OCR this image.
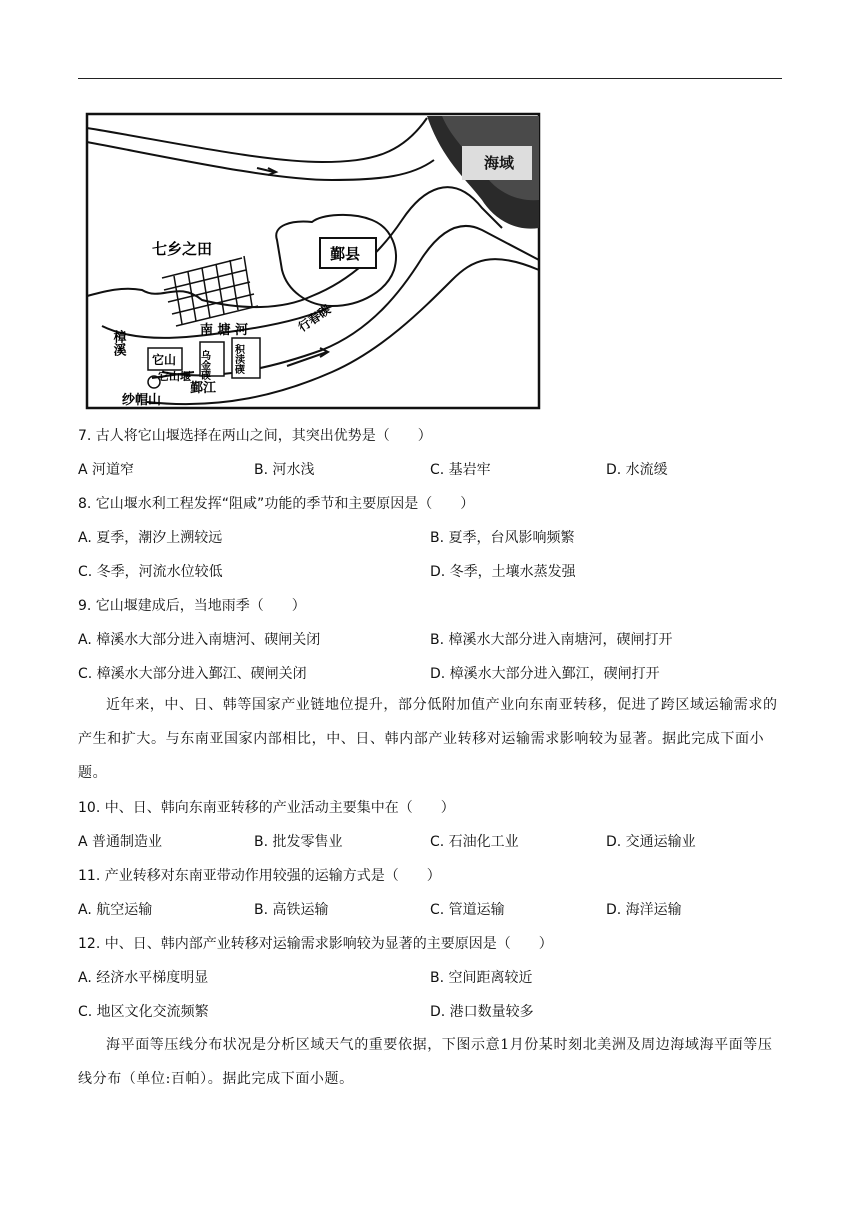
海域
鄞县
七乡之田
南 塘 河
樟溪
它山 乌金碶 积渎碶
行春碶
它山堰
鄞江
纱帽山
7. 古人将它山堰选择在两山之间，其突出优势是（　　）
A 河道窄	B. 河水浅	C. 基岩牢	D. 水流缓
8. 它山堰水利工程发挥“阻咸”功能的季节和主要原因是（　　）
A. 夏季，潮汐上溯较远	B. 夏季，台风影响频繁
C. 冬季，河流水位较低	D. 冬季，土壤水蒸发强
9. 它山堰建成后，当地雨季（　　）
A. 樟溪水大部分进入南塘河、碶闸关闭	B. 樟溪水大部分进入南塘河，碶闸打开
C. 樟溪水大部分进入鄞江、碶闸关闭	D. 樟溪水大部分进入鄞江，碶闸打开
近年来，中、日、韩等国家产业链地位提升，部分低附加值产业向东南亚转移，促进了跨区域运输需求的产生和扩大。与东南亚国家内部相比，中、日、韩内部产业转移对运输需求影响较为显著。据此完成下面小题。
10. 中、日、韩向东南亚转移的产业活动主要集中在（　　）
A 普通制造业	B. 批发零售业	C. 石油化工业	D. 交通运输业
11. 产业转移对东南亚带动作用较强的运输方式是（　　）
A. 航空运输	B. 高铁运输	C. 管道运输	D. 海洋运输
12. 中、日、韩内部产业转移对运输需求影响较为显著的主要原因是（　　）
A. 经济水平梯度明显	B. 空间距离较近
C. 地区文化交流频繁	D. 港口数量较多
海平面等压线分布状况是分析区域天气的重要依据，下图示意1月份某时刻北美洲及周边海域海平面等压线分布（单位:百帕）。据此完成下面小题。
